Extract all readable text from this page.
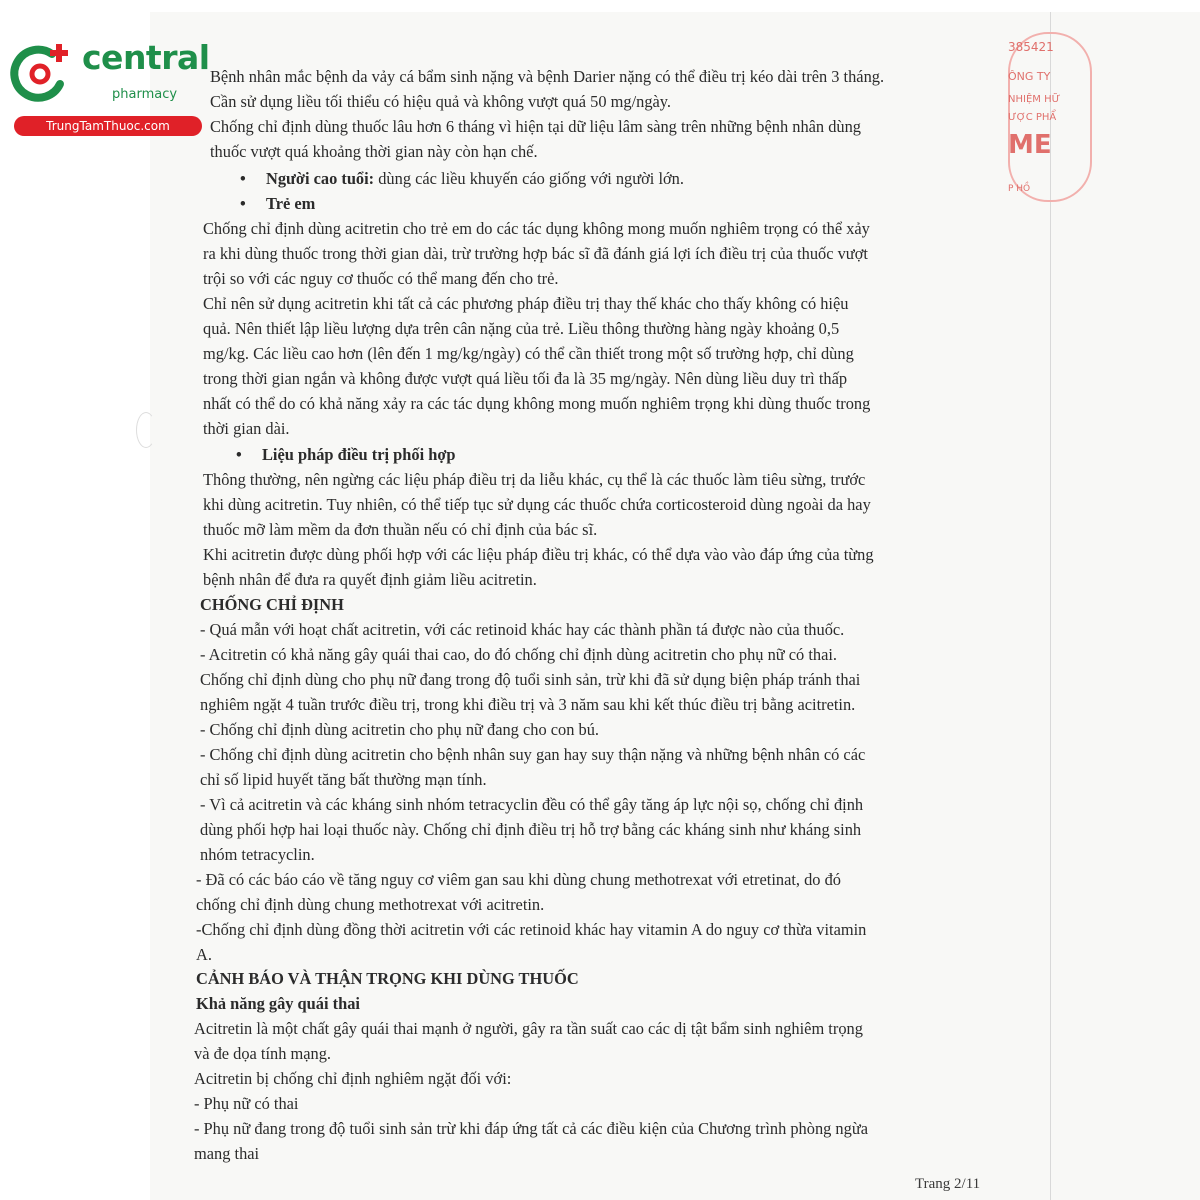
central
pharmacy
TrungTamThuoc.com
385421
ÔNG TY
NHIỆM HỮ
ƯỢC PHẨ
ME
P HỒ
Bệnh nhân mắc bệnh da vảy cá bẩm sinh nặng và bệnh Darier nặng có thể điều trị kéo dài trên 3 tháng.
Cần sử dụng liều tối thiểu có hiệu quả và không vượt quá 50 mg/ngày.
Chống chỉ định dùng thuốc lâu hơn 6 tháng vì hiện tại dữ liệu lâm sàng trên những bệnh nhân dùng
thuốc vượt quá khoảng thời gian này còn hạn chế.
• Người cao tuổi: dùng các liều khuyến cáo giống với người lớn.
• Trẻ em
Chống chỉ định dùng acitretin cho trẻ em do các tác dụng không mong muốn nghiêm trọng có thể xảy
ra khi dùng thuốc trong thời gian dài, trừ trường hợp bác sĩ đã đánh giá lợi ích điều trị của thuốc vượt
trội so với các nguy cơ thuốc có thể mang đến cho trẻ.
Chỉ nên sử dụng acitretin khi tất cả các phương pháp điều trị thay thế khác cho thấy không có hiệu
quả. Nên thiết lập liều lượng dựa trên cân nặng của trẻ. Liều thông thường hàng ngày khoảng 0,5
mg/kg. Các liều cao hơn (lên đến 1 mg/kg/ngày) có thể cần thiết trong một số trường hợp, chỉ dùng
trong thời gian ngắn và không được vượt quá liều tối đa là 35 mg/ngày. Nên dùng liều duy trì thấp
nhất có thể do có khả năng xảy ra các tác dụng không mong muốn nghiêm trọng khi dùng thuốc trong
thời gian dài.
• Liệu pháp điều trị phối hợp
Thông thường, nên ngừng các liệu pháp điều trị da liễu khác, cụ thể là các thuốc làm tiêu sừng, trước
khi dùng acitretin. Tuy nhiên, có thể tiếp tục sử dụng các thuốc chứa corticosteroid dùng ngoài da hay
thuốc mỡ làm mềm da đơn thuần nếu có chỉ định của bác sĩ.
Khi acitretin được dùng phối hợp với các liệu pháp điều trị khác, có thể dựa vào vào đáp ứng của từng
bệnh nhân để đưa ra quyết định giảm liều acitretin.
CHỐNG CHỈ ĐỊNH
- Quá mẫn với hoạt chất acitretin, với các retinoid khác hay các thành phần tá được nào của thuốc.
- Acitretin có khả năng gây quái thai cao, do đó chống chỉ định dùng acitretin cho phụ nữ có thai.
Chống chỉ định dùng cho phụ nữ đang trong độ tuổi sinh sản, trừ khi đã sử dụng biện pháp tránh thai
nghiêm ngặt 4 tuần trước điều trị, trong khi điều trị và 3 năm sau khi kết thúc điều trị bằng acitretin.
- Chống chỉ định dùng acitretin cho phụ nữ đang cho con bú.
- Chống chỉ định dùng acitretin cho bệnh nhân suy gan hay suy thận nặng và những bệnh nhân có các
chỉ số lipid huyết tăng bất thường mạn tính.
- Vì cả acitretin và các kháng sinh nhóm tetracyclin đều có thể gây tăng áp lực nội sọ, chống chỉ định
dùng phối hợp hai loại thuốc này. Chống chỉ định điều trị hỗ trợ bằng các kháng sinh như kháng sinh
nhóm tetracyclin.
- Đã có các báo cáo về tăng nguy cơ viêm gan sau khi dùng chung methotrexat với etretinat, do đó
chống chỉ định dùng chung methotrexat với acitretin.
-Chống chỉ định dùng đồng thời acitretin với các retinoid khác hay vitamin A do nguy cơ thừa vitamin
A.
CẢNH BÁO VÀ THẬN TRỌNG KHI DÙNG THUỐC
Khả năng gây quái thai
Acitretin là một chất gây quái thai mạnh ở người, gây ra tần suất cao các dị tật bẩm sinh nghiêm trọng
và đe dọa tính mạng.
Acitretin bị chống chỉ định nghiêm ngặt đối với:
- Phụ nữ có thai
- Phụ nữ đang trong độ tuổi sinh sản trừ khi đáp ứng tất cả các điều kiện của Chương trình phòng ngừa
mang thai
Trang 2/11
